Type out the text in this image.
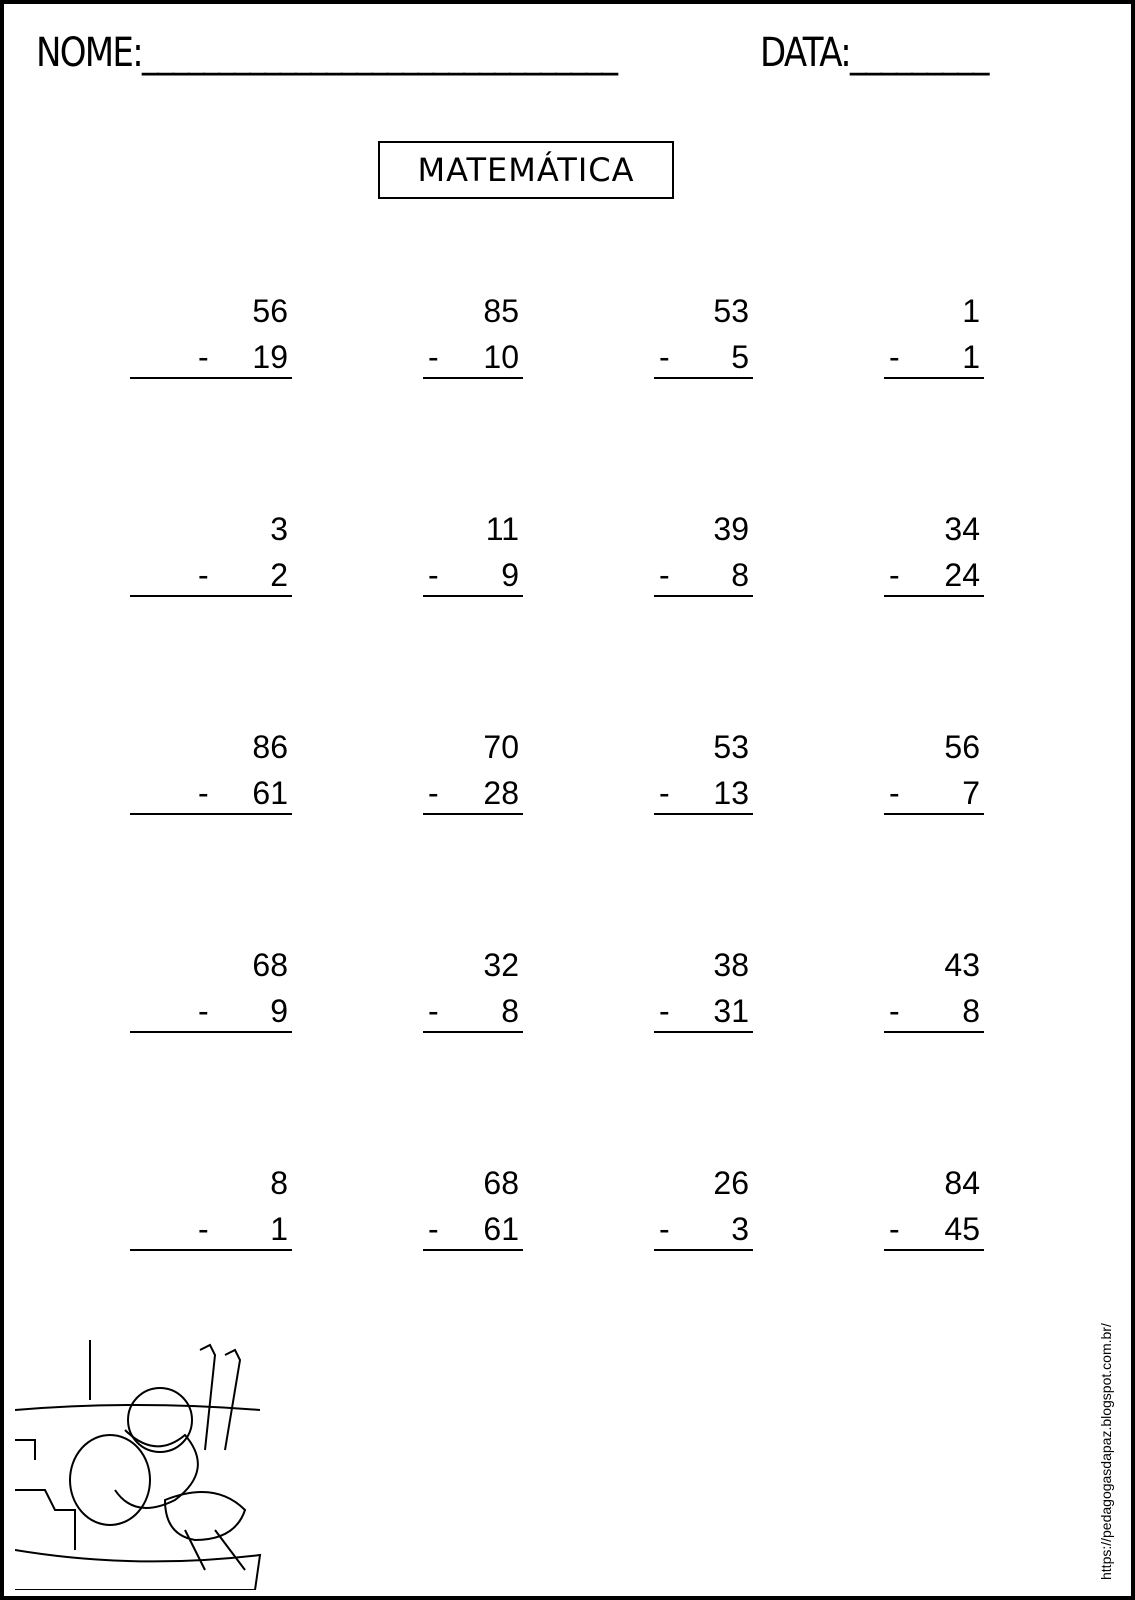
NOME:_______________________________	DATA:_________
MATEMÁTICA
56
- 19
85
- 10
53
- 5
1
- 1
3
- 2
11
- 9
39
- 8
34
- 24
86
- 61
70
- 28
53
- 13
56
- 7
68
- 9
32
- 8
38
- 31
43
- 8
8
- 1
68
- 61
26
- 3
84
- 45
https://pedagogasdapaz.blogspot.com.br/
